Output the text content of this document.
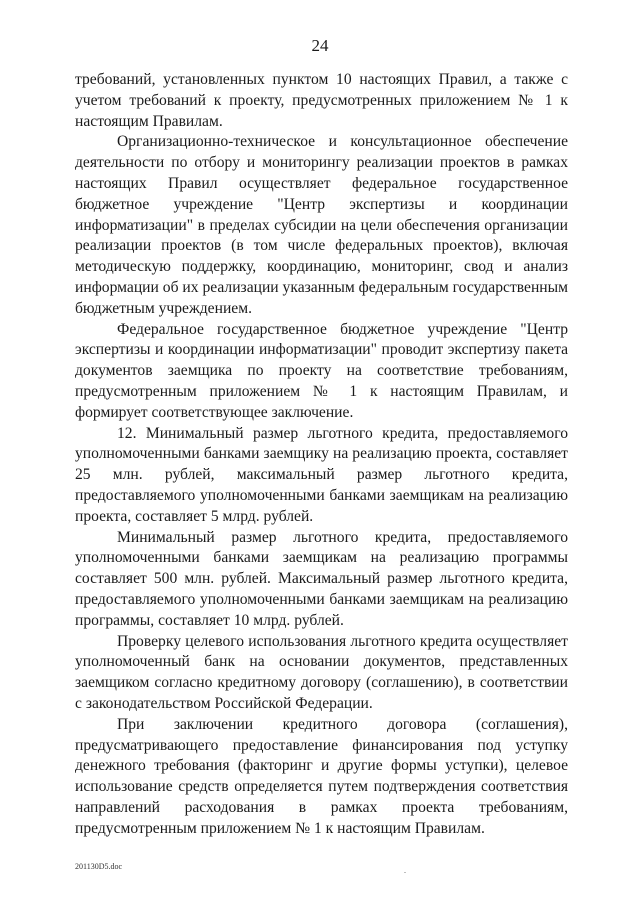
24

требований, установленных пунктом 10 настоящих Правил, а также с учетом требований к проекту, предусмотренных приложением № 1 к настоящим Правилам.

Организационно-техническое и консультационное обеспечение деятельности по отбору и мониторингу реализации проектов в рамках настоящих Правил осуществляет федеральное государственное бюджетное учреждение "Центр экспертизы и координации информатизации" в пределах субсидии на цели обеспечения организации реализации проектов (в том числе федеральных проектов), включая методическую поддержку, координацию, мониторинг, свод и анализ информации об их реализации указанным федеральным государственным бюджетным учреждением.

Федеральное государственное бюджетное учреждение "Центр экспертизы и координации информатизации" проводит экспертизу пакета документов заемщика по проекту на соответствие требованиям, предусмотренным приложением № 1 к настоящим Правилам, и формирует соответствующее заключение.

12. Минимальный размер льготного кредита, предоставляемого уполномоченными банками заемщику на реализацию проекта, составляет 25 млн. рублей, максимальный размер льготного кредита, предоставляемого уполномоченными банками заемщикам на реализацию проекта, составляет 5 млрд. рублей.

Минимальный размер льготного кредита, предоставляемого уполномоченными банками заемщикам на реализацию программы составляет 500 млн. рублей. Максимальный размер льготного кредита, предоставляемого уполномоченными банками заемщикам на реализацию программы, составляет 10 млрд. рублей.

Проверку целевого использования льготного кредита осуществляет уполномоченный банк на основании документов, представленных заемщиком согласно кредитному договору (соглашению), в соответствии с законодательством Российской Федерации.

При заключении кредитного договора (соглашения), предусматривающего предоставление финансирования под уступку денежного требования (факторинг и другие формы уступки), целевое использование средств определяется путем подтверждения соответствия направлений расходования в рамках проекта требованиям, предусмотренным приложением № 1 к настоящим Правилам.

201130D5.doc	.
